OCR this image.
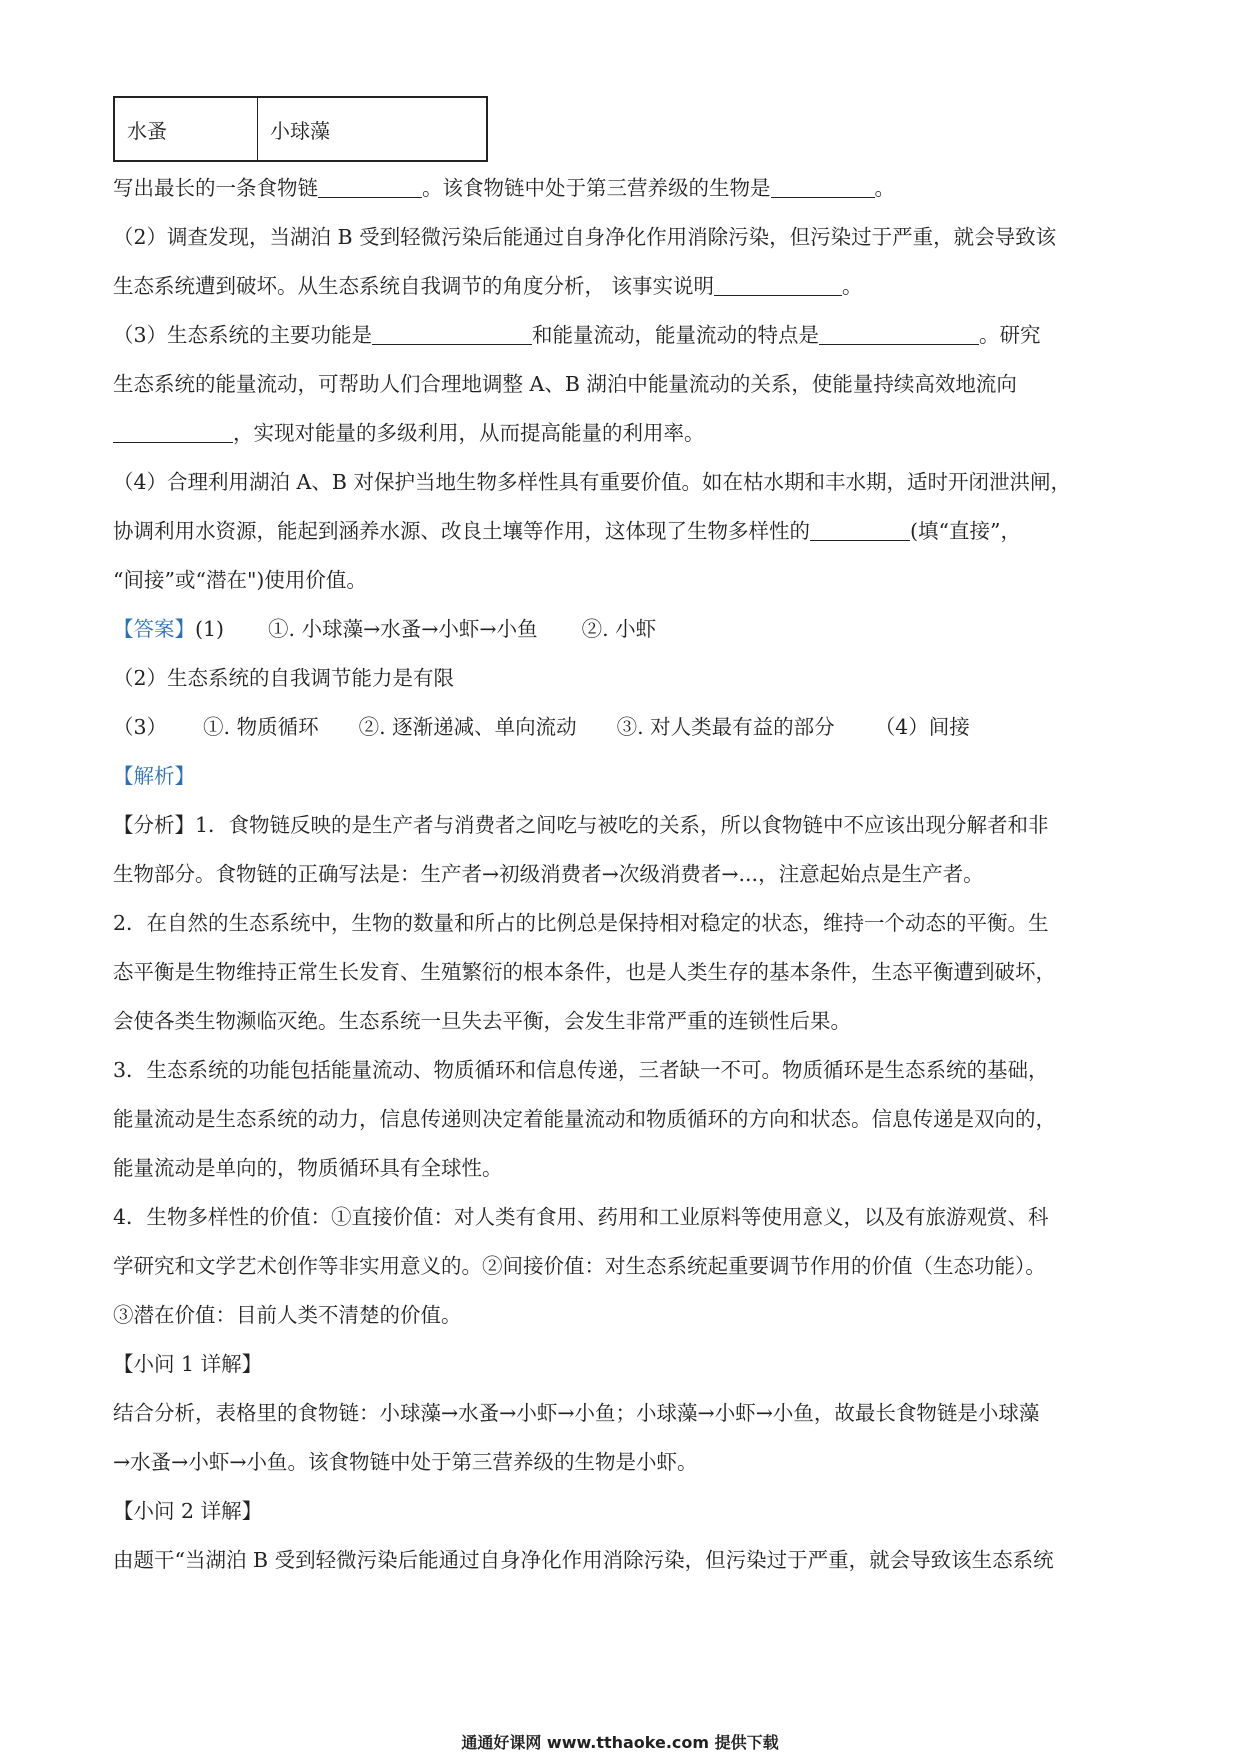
水蚤	小球藻
写出最长的一条食物链	。该食物链中处于第三营养级的生物是	。
（2）调查发现，当湖泊 B 受到轻微污染后能通过自身净化作用消除污染，但污染过于严重，就会导致该
生态系统遭到破坏。从生态系统自我调节的角度分析， 该事实说明	。
（3）生态系统的主要功能是	和能量流动，能量流动的特点是	。研究
生态系统的能量流动，可帮助人们合理地调整 A、B 湖泊中能量流动的关系，使能量持续高效地流向
，实现对能量的多级利用，从而提高能量的利用率。
（4）合理利用湖泊 A、B 对保护当地生物多样性具有重要价值。如在枯水期和丰水期，适时开闭泄洪闸，
协调利用水资源，能起到涵养水源、改良土壤等作用，这体现了生物多样性的	(填“直接”，
“间接”或“潜在")使用价值。
【答案】(1) ①. 小球藻→水蚤→小虾→小鱼 ②. 小虾
（2）生态系统的自我调节能力是有限
（3） ①. 物质循环 ②. 逐渐递减、单向流动 ③. 对人类最有益的部分 （4）间接
【解析】
【分析】1．食物链反映的是生产者与消费者之间吃与被吃的关系，所以食物链中不应该出现分解者和非
生物部分。食物链的正确写法是：生产者→初级消费者→次级消费者→...，注意起始点是生产者。
2．在自然的生态系统中，生物的数量和所占的比例总是保持相对稳定的状态，维持一个动态的平衡。生
态平衡是生物维持正常生长发育、生殖繁衍的根本条件，也是人类生存的基本条件，生态平衡遭到破坏，
会使各类生物濒临灭绝。生态系统一旦失去平衡，会发生非常严重的连锁性后果。
3．生态系统的功能包括能量流动、物质循环和信息传递，三者缺一不可。物质循环是生态系统的基础，
能量流动是生态系统的动力，信息传递则决定着能量流动和物质循环的方向和状态。信息传递是双向的，
能量流动是单向的，物质循环具有全球性。
4．生物多样性的价值：①直接价值：对人类有食用、药用和工业原料等使用意义，以及有旅游观赏、科
学研究和文学艺术创作等非实用意义的。②间接价值：对生态系统起重要调节作用的价值（生态功能）。
③潜在价值：目前人类不清楚的价值。
【小问 1 详解】
结合分析，表格里的食物链：小球藻→水蚤→小虾→小鱼；小球藻→小虾→小鱼，故最长食物链是小球藻
→水蚤→小虾→小鱼。该食物链中处于第三营养级的生物是小虾。
【小问 2 详解】
由题干“当湖泊 B 受到轻微污染后能通过自身净化作用消除污染，但污染过于严重，就会导致该生态系统
通通好课网 www.tthaoke.com 提供下载
